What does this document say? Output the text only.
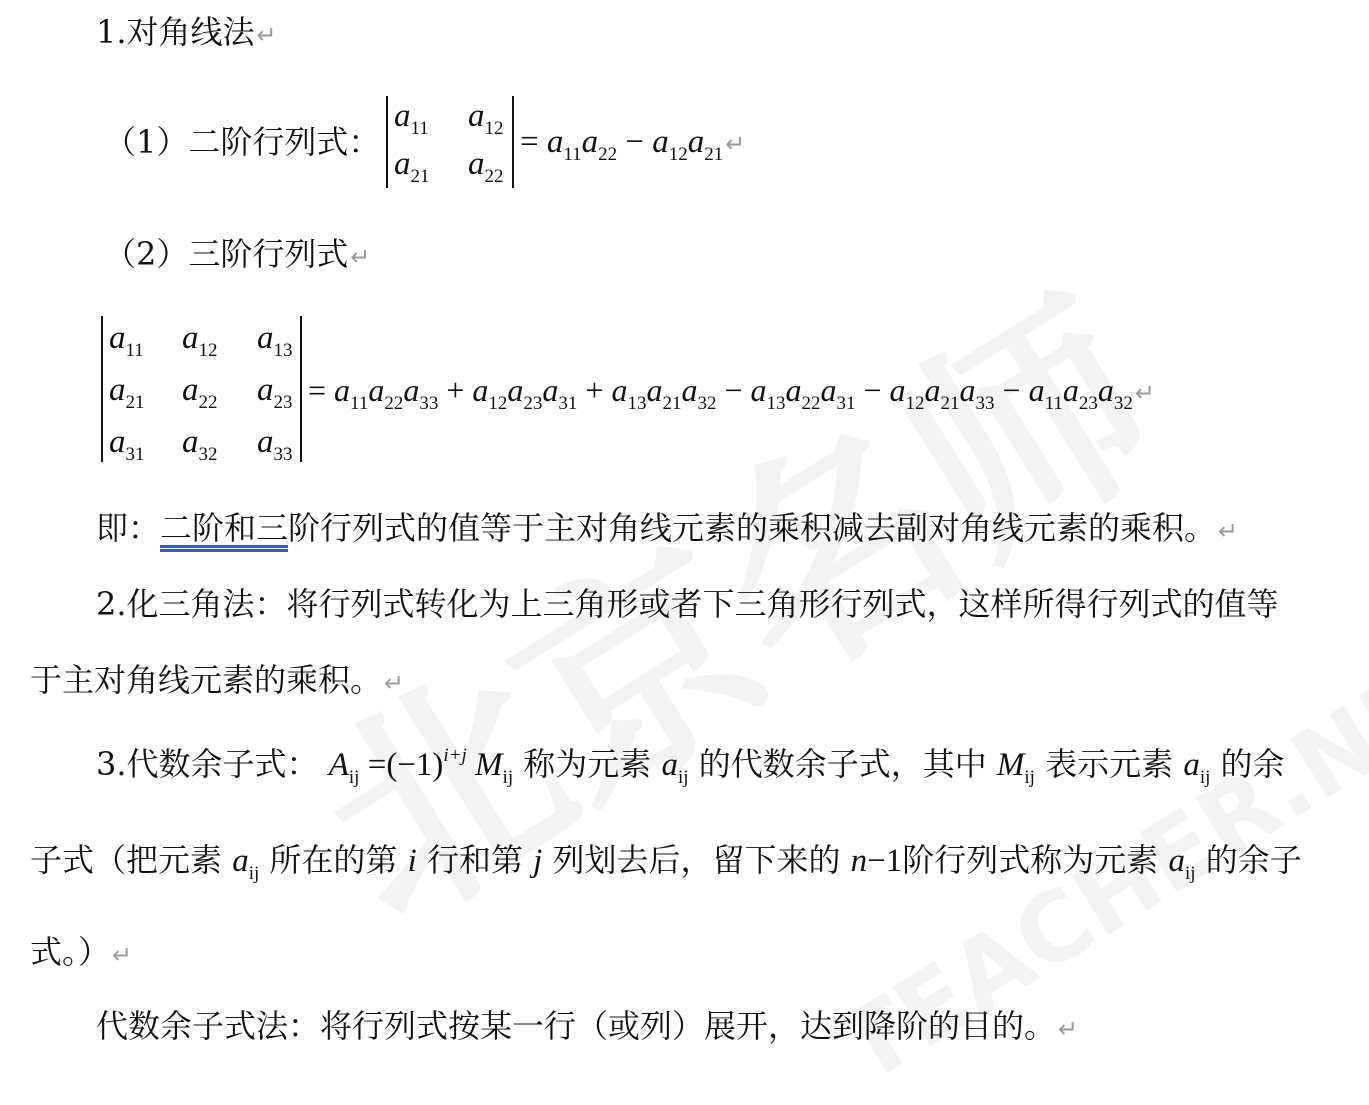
1.对角线法↵
（1）二阶行列式：
$a_{11}$ $a_{12}$
$a_{21}$ $a_{22}$
= $a_{11}a_{22}$ − $a_{12}a_{21}↵$
（2）三阶行列式↵
$a_{11}$ $a_{12}$ $a_{13}$
$a_{21}$ $a_{22}$ $a_{23}$
$a_{31}$ $a_{32}$ $a_{33}$
= $a_{11}a_{22}a_{33} + a_{12}a_{23}a_{31} + a_{13}a_{21}a_{32} - a_{13}a_{22}a_{31} - a_{12}a_{21}a_{33}$ − $a_{11}a_{23}a_{32}↵$
即：二阶和三阶行列式的值等于主对角线元素的乘积减去副对角线元素的乘积。↵
2.化三角法：将行列式转化为上三角形或者下三角形行列式，这样所得行列式的值等
于主对角线元素的乘积。↵
3.代数余子式： $A_{ij} =(-1)^{i+j}$ $M_{ij}$ 称为元素 $a_{ij}$ 的代数余子式，其中 $M_{ij}$ 表示元素 $a_{ij}$ 的余
子式（把元素 $a_{ij}$ 所在的第 i 行和第 j 列划去后，留下来的 n−1阶行列式称为元素 $a_{ij}$ 的余子
式。）↵
代数余子式法：将行列式按某一行（或列）展开，达到降阶的目的。↵
